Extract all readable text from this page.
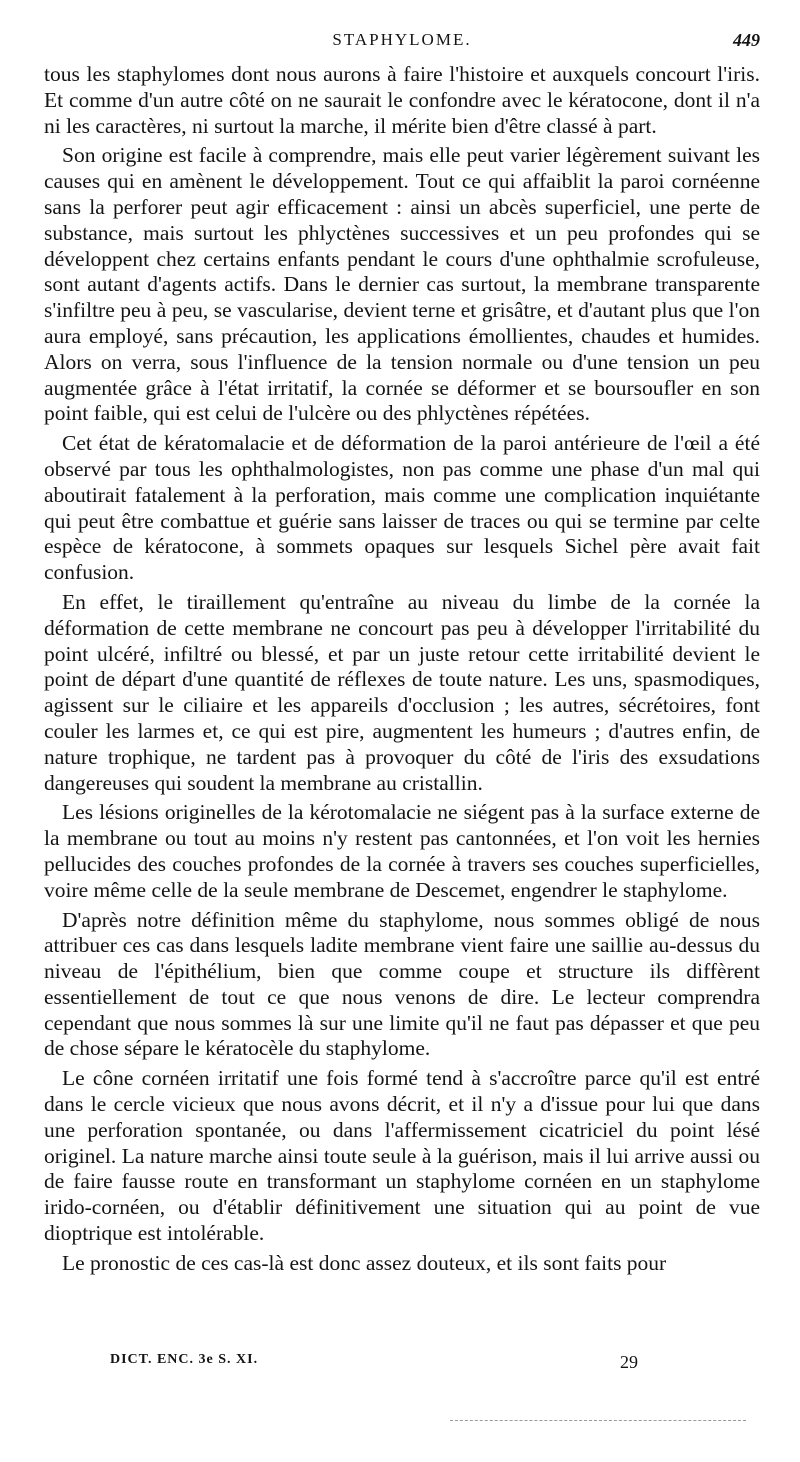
STAPHYLOME.	449

tous les staphylomes dont nous aurons à faire l'histoire et auxquels concourt l'iris. Et comme d'un autre côté on ne saurait le confondre avec le kératocone, dont il n'a ni les caractères, ni surtout la marche, il mérite bien d'être classé à part.

Son origine est facile à comprendre, mais elle peut varier légèrement suivant les causes qui en amènent le développement. Tout ce qui affaiblit la paroi cornéenne sans la perforer peut agir efficacement : ainsi un abcès superficiel, une perte de substance, mais surtout les phlyctènes successives et un peu profondes qui se développent chez certains enfants pendant le cours d'une ophthalmie scrofuleuse, sont autant d'agents actifs. Dans le dernier cas surtout, la membrane transparente s'infiltre peu à peu, se vascularise, devient terne et grisâtre, et d'autant plus que l'on aura employé, sans précaution, les applications émollientes, chaudes et humides. Alors on verra, sous l'influence de la tension normale ou d'une tension un peu augmentée grâce à l'état irritatif, la cornée se déformer et se boursoufler en son point faible, qui est celui de l'ulcère ou des phlyctènes répétées.

Cet état de kératomalacie et de déformation de la paroi antérieure de l'œil a été observé par tous les ophthalmologistes, non pas comme une phase d'un mal qui aboutirait fatalement à la perforation, mais comme une complication inquiétante qui peut être combattue et guérie sans laisser de traces ou qui se termine par celte espèce de kératocone, à sommets opaques sur lesquels Sichel père avait fait confusion.

En effet, le tiraillement qu'entraîne au niveau du limbe de la cornée la déformation de cette membrane ne concourt pas peu à développer l'irritabilité du point ulcéré, infiltré ou blessé, et par un juste retour cette irritabilité devient le point de départ d'une quantité de réflexes de toute nature. Les uns, spasmodiques, agissent sur le ciliaire et les appareils d'occlusion ; les autres, sécrétoires, font couler les larmes et, ce qui est pire, augmentent les humeurs ; d'autres enfin, de nature trophique, ne tardent pas à provoquer du côté de l'iris des exsudations dangereuses qui soudent la membrane au cristallin.

Les lésions originelles de la kérotomalacie ne siégent pas à la surface externe de la membrane ou tout au moins n'y restent pas cantonnées, et l'on voit les hernies pellucides des couches profondes de la cornée à travers ses couches superficielles, voire même celle de la seule membrane de Descemet, engendrer le staphylome.

D'après notre définition même du staphylome, nous sommes obligé de nous attribuer ces cas dans lesquels ladite membrane vient faire une saillie au-dessus du niveau de l'épithélium, bien que comme coupe et structure ils diffèrent essentiellement de tout ce que nous venons de dire. Le lecteur comprendra cependant que nous sommes là sur une limite qu'il ne faut pas dépasser et que peu de chose sépare le kératocèle du staphylome.

Le cône cornéen irritatif une fois formé tend à s'accroître parce qu'il est entré dans le cercle vicieux que nous avons décrit, et il n'y a d'issue pour lui que dans une perforation spontanée, ou dans l'affermissement cicatriciel du point lésé originel. La nature marche ainsi toute seule à la guérison, mais il lui arrive aussi ou de faire fausse route en transformant un staphylome cornéen en un staphylome irido-cornéen, ou d'établir définitivement une situation qui au point de vue dioptrique est intolérable.

Le pronostic de ces cas-là est donc assez douteux, et ils sont faits pour

DICT. ENC. 3e S. XI.	29
